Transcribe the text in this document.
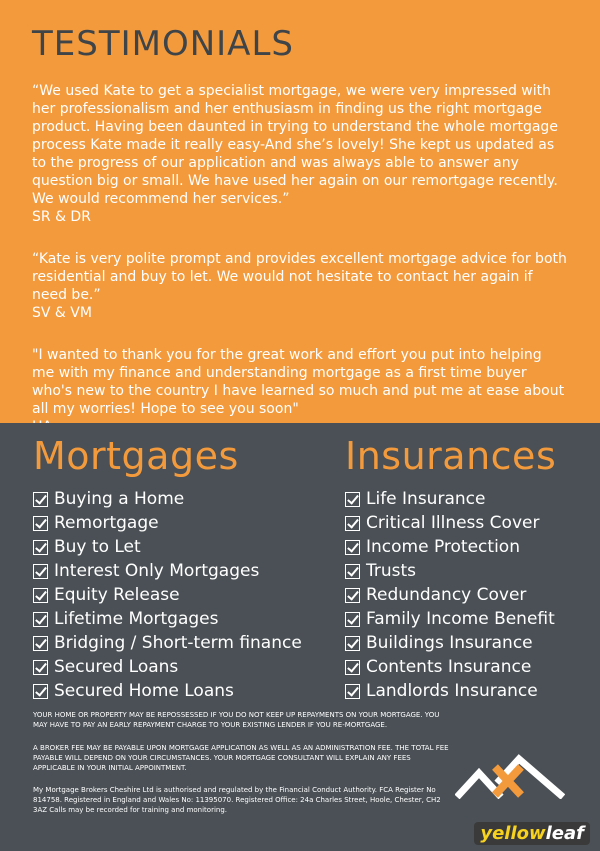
TESTIMONIALS
“We used Kate to get a specialist mortgage, we were very impressed with her professionalism and her enthusiasm in finding us the right mortgage product. Having been daunted in trying to understand the whole mortgage process Kate made it really easy-And she’s lovely! She kept us updated as to the progress of our application and was always able to answer any question big or small. We have used her again on our remortgage recently. We would recommend her services.”
SR & DR
“Kate is very polite prompt and provides excellent mortgage advice for both residential and buy to let. We would not hesitate to contact her again if need be.”
SV & VM
"I wanted to thank you for the great work and effort you put into helping me with my finance and understanding mortgage as a first time buyer who's new to the country I have learned so much and put me at ease about all my worries! Hope to see you soon"
Mortgages
Buying a Home
Remortgage
Buy to Let
Interest Only Mortgages
Equity Release
Lifetime Mortgages
Bridging / Short-term finance
Secured Loans
Secured Home Loans
Insurances
Life Insurance
Critical Illness Cover
Income Protection
Trusts
Redundancy Cover
Family Income Benefit
Buildings Insurance
Contents Insurance
Landlords Insurance
YOUR HOME OR PROPERTY MAY BE REPOSSESSED IF YOU DO NOT KEEP UP REPAYMENTS ON YOUR MORTGAGE. YOU MAY HAVE TO PAY AN EARLY REPAYMENT CHARGE TO YOUR EXISTING LENDER IF YOU RE-MORTGAGE.
A BROKER FEE MAY BE PAYABLE UPON MORTGAGE APPLICATION AS WELL AS AN ADMINISTRATION FEE. THE TOTAL FEE PAYABLE WILL DEPEND ON YOUR CIRCUMSTANCES. YOUR MORTGAGE CONSULTANT WILL EXPLAIN ANY FEES APPLICABLE IN YOUR INITIAL APPOINTMENT.
My Mortgage Brokers Cheshire Ltd is authorised and regulated by the Financial Conduct Authority. FCA Register No 814758. Registered in England and Wales No: 11395070. Registered Office: 24a Charles Street, Hoole, Chester, CH2 3AZ Calls may be recorded for training and monitoring.
yellowleaf
